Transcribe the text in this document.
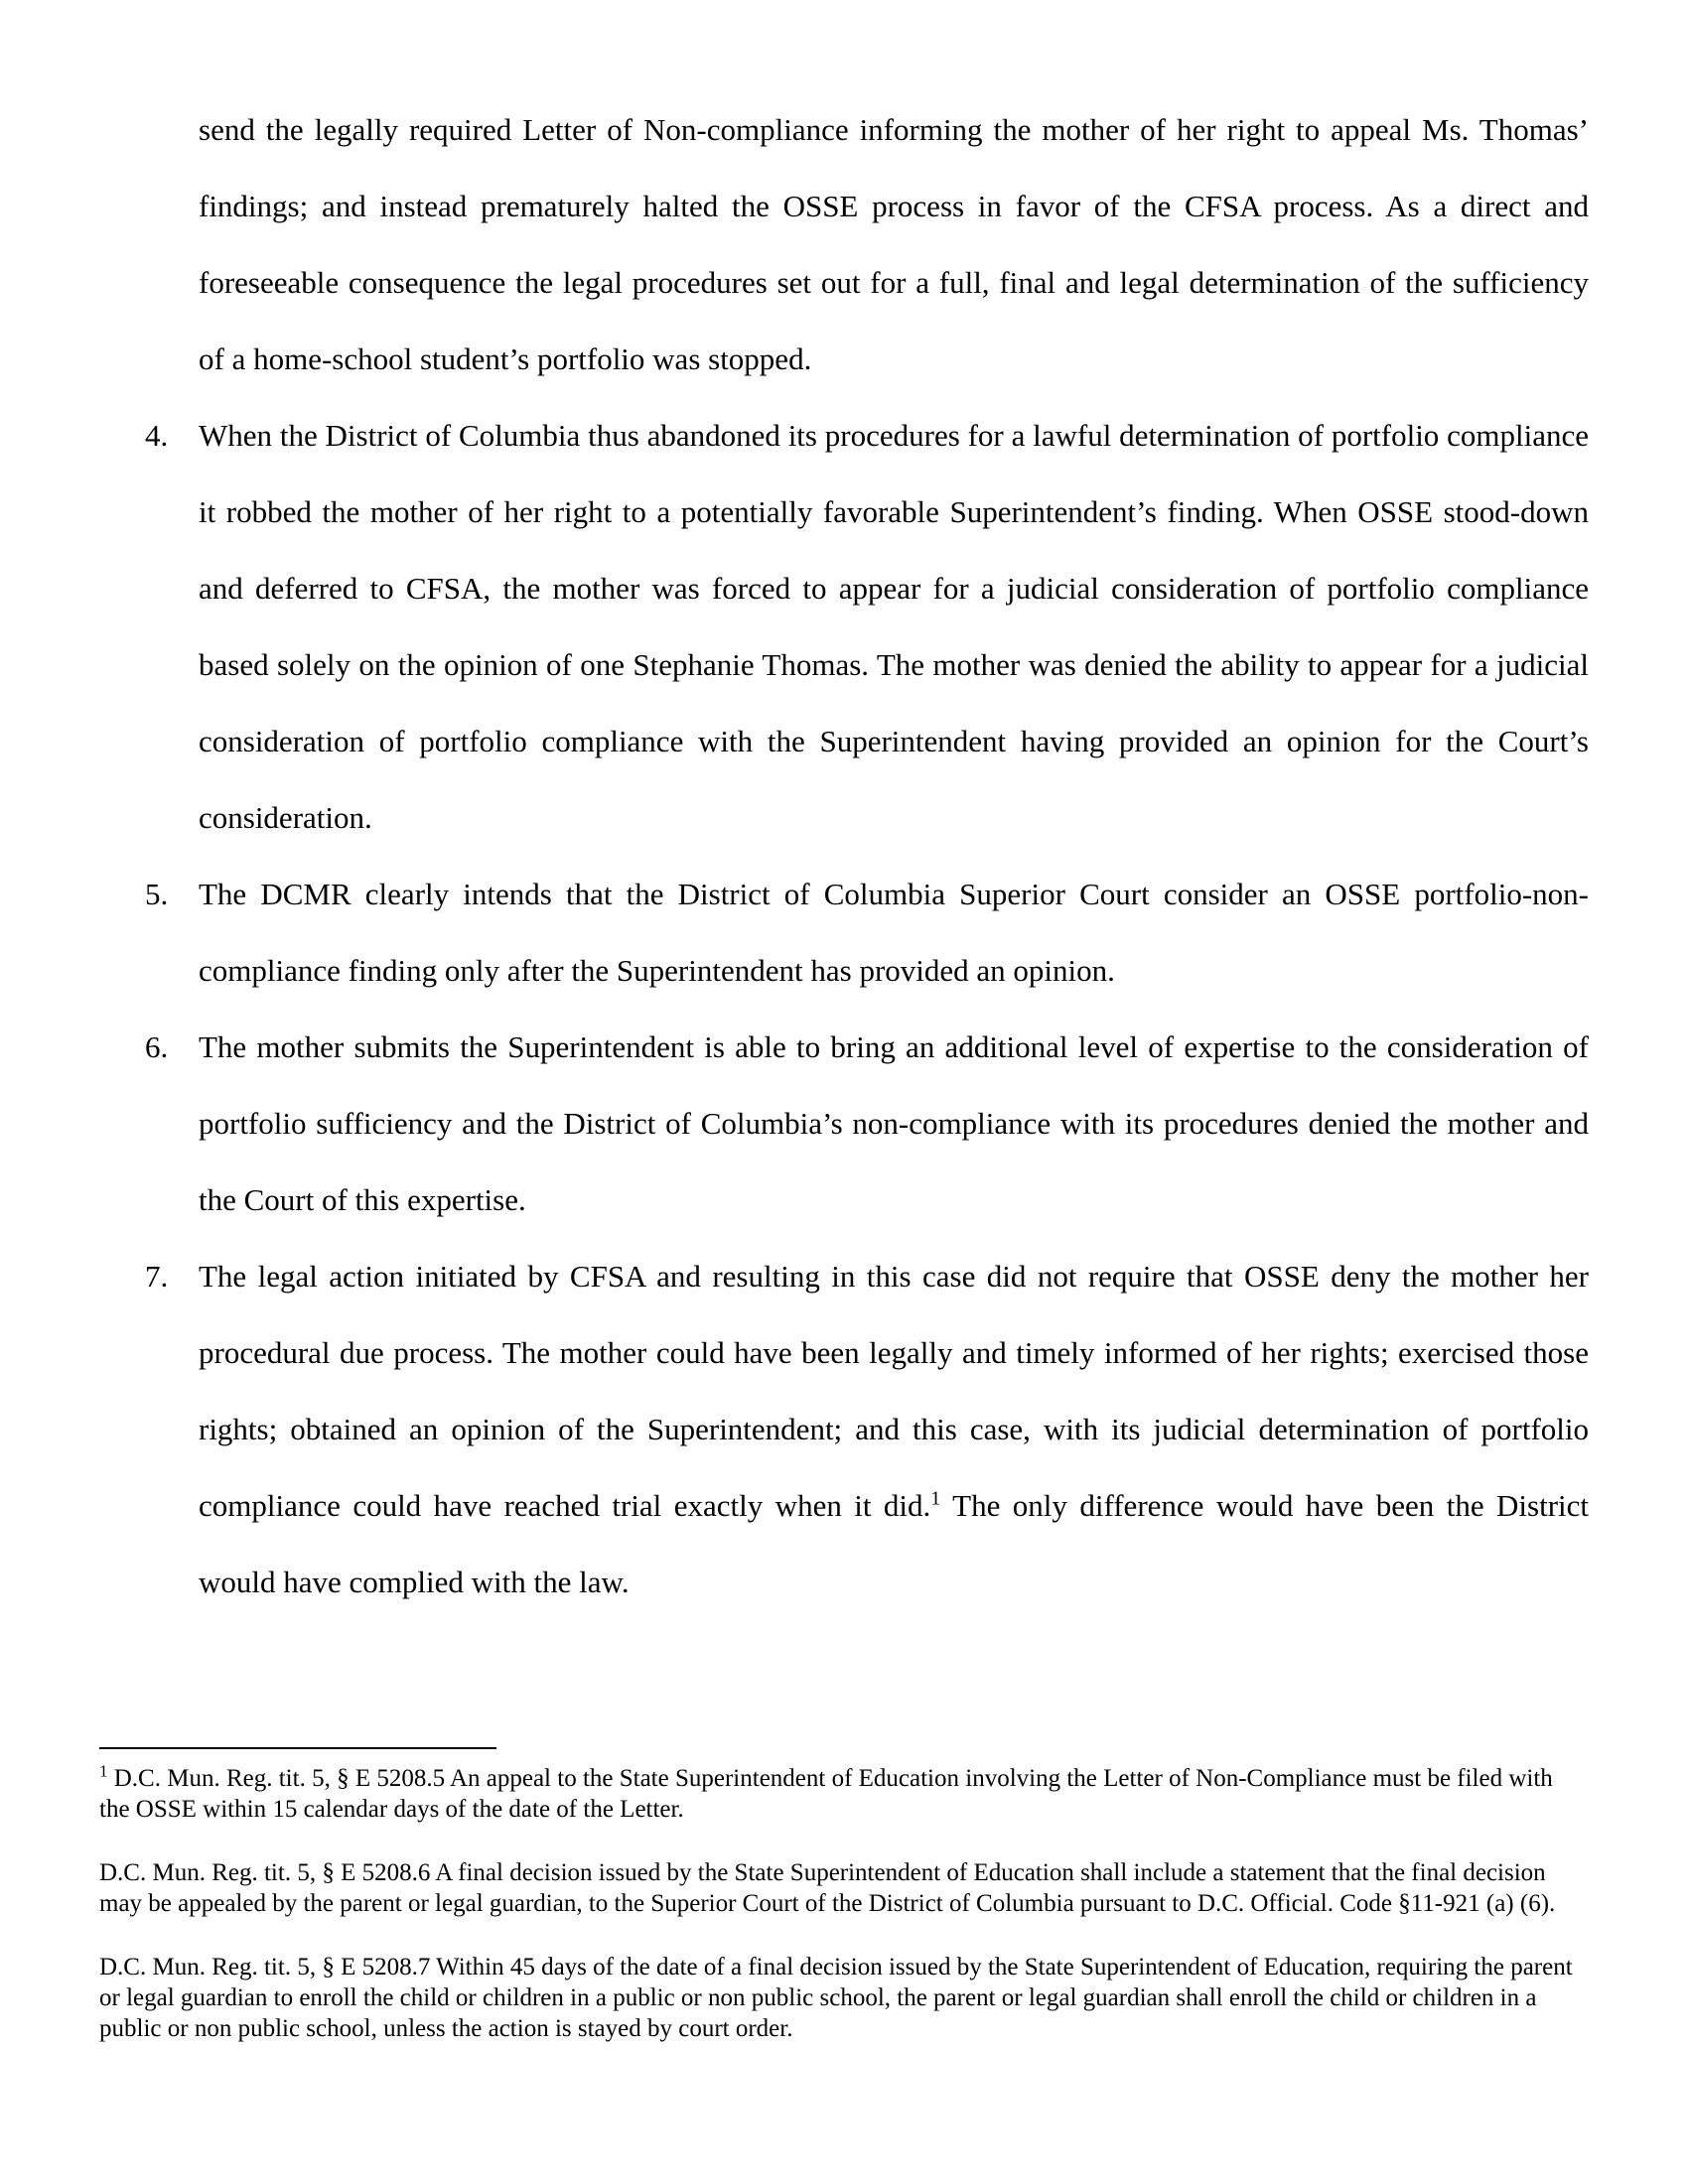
send the legally required Letter of Non-compliance informing the mother of her right to appeal Ms. Thomas’ findings; and instead prematurely halted the OSSE process in favor of the CFSA process. As a direct and foreseeable consequence the legal procedures set out for a full, final and legal determination of the sufficiency of a home-school student’s portfolio was stopped.

4. When the District of Columbia thus abandoned its procedures for a lawful determination of portfolio compliance it robbed the mother of her right to a potentially favorable Superintendent’s finding. When OSSE stood-down and deferred to CFSA, the mother was forced to appear for a judicial consideration of portfolio compliance based solely on the opinion of one Stephanie Thomas. The mother was denied the ability to appear for a judicial consideration of portfolio compliance with the Superintendent having provided an opinion for the Court’s consideration.
5. The DCMR clearly intends that the District of Columbia Superior Court consider an OSSE portfolio-non-compliance finding only after the Superintendent has provided an opinion.
6. The mother submits the Superintendent is able to bring an additional level of expertise to the consideration of portfolio sufficiency and the District of Columbia’s non-compliance with its procedures denied the mother and the Court of this expertise.
7. The legal action initiated by CFSA and resulting in this case did not require that OSSE deny the mother her procedural due process. The mother could have been legally and timely informed of her rights; exercised those rights; obtained an opinion of the Superintendent; and this case, with its judicial determination of portfolio compliance could have reached trial exactly when it did.$^1$ The only difference would have been the District would have complied with the law.

$^1$ D.C. Mun. Reg. tit. 5, § E 5208.5 An appeal to the State Superintendent of Education involving the Letter of Non-Compliance must be filed with the OSSE within 15 calendar days of the date of the Letter.

D.C. Mun. Reg. tit. 5, § E 5208.6 A final decision issued by the State Superintendent of Education shall include a statement that the final decision may be appealed by the parent or legal guardian, to the Superior Court of the District of Columbia pursuant to D.C. Official. Code §11-921 (a) (6).

D.C. Mun. Reg. tit. 5, § E 5208.7 Within 45 days of the date of a final decision issued by the State Superintendent of Education, requiring the parent or legal guardian to enroll the child or children in a public or non public school, the parent or legal guardian shall enroll the child or children in a public or non public school, unless the action is stayed by court order.
